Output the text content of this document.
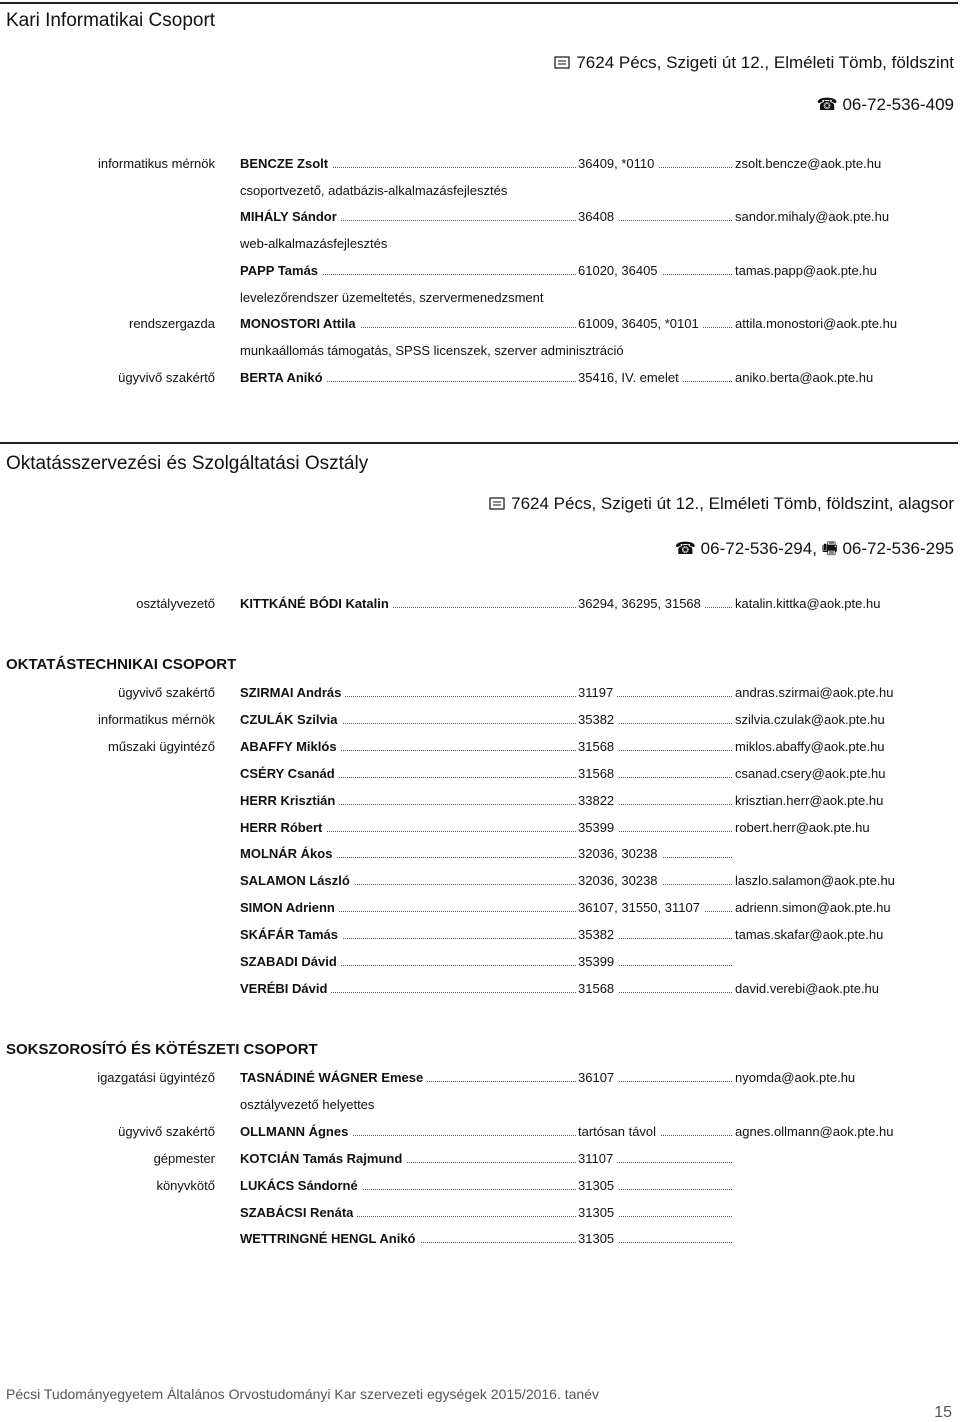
Kari Informatikai Csoport
7624 Pécs, Szigeti út 12., Elméleti Tömb, földszint
☎ 06-72-536-409
informatikus mérnök BENCZE Zsolt	36409, *0110	zsolt.bencze@aok.pte.hu
csoportvezető, adatbázis-alkalmazásfejlesztés
MIHÁLY Sándor	36408	sandor.mihaly@aok.pte.hu
web-alkalmazásfejlesztés
PAPP Tamás	61020, 36405	tamas.papp@aok.pte.hu
levelezőrendszer üzemeltetés, szervermenedzsment
rendszergazda MONOSTORI Attila	61009, 36405, *0101	attila.monostori@aok.pte.hu
munkaállomás támogatás, SPSS licenszek, szerver adminisztráció
ügyvivő szakértő BERTA Anikó	35416, IV. emelet	aniko.berta@aok.pte.hu
Oktatásszervezési és Szolgáltatási Osztály
7624 Pécs, Szigeti út 12., Elméleti Tömb, földszint, alagsor
☎ 06-72-536-294, 🖷 06-72-536-295
osztályvezető KITTKÁNÉ BÓDI Katalin	36294, 36295, 31568	katalin.kittka@aok.pte.hu
OKTATÁSTECHNIKAI CSOPORT
ügyvivő szakértő SZIRMAI András	31197	andras.szirmai@aok.pte.hu
informatikus mérnök CZULÁK Szilvia	35382	szilvia.czulak@aok.pte.hu
műszaki ügyintéző ABAFFY Miklós	31568	miklos.abaffy@aok.pte.hu
CSÉRY Csanád	31568	csanad.csery@aok.pte.hu
HERR Krisztián	33822	krisztian.herr@aok.pte.hu
HERR Róbert	35399	robert.herr@aok.pte.hu
MOLNÁR Ákos	32036, 30238
SALAMON László	32036, 30238	laszlo.salamon@aok.pte.hu
SIMON Adrienn	36107, 31550, 31107	adrienn.simon@aok.pte.hu
SKÁFÁR Tamás	35382	tamas.skafar@aok.pte.hu
SZABADI Dávid	35399
VERÉBI Dávid	31568	david.verebi@aok.pte.hu
SOKSZOROSÍTÓ ÉS KÖTÉSZETI CSOPORT
igazgatási ügyintéző TASNÁDINÉ WÁGNER Emese	36107	nyomda@aok.pte.hu
osztályvezető helyettes
ügyvivő szakértő OLLMANN Ágnes	tartósan távol	agnes.ollmann@aok.pte.hu
gépmester KOTCIÁN Tamás Rajmund	31107
könyvkötő LUKÁCS Sándorné	31305
SZABÁCSI Renáta	31305
WETTRINGNÉ HENGL Anikó	31305
Pécsi Tudományegyetem Általános Orvostudományi Kar szervezeti egységek 2015/2016. tanév
15
